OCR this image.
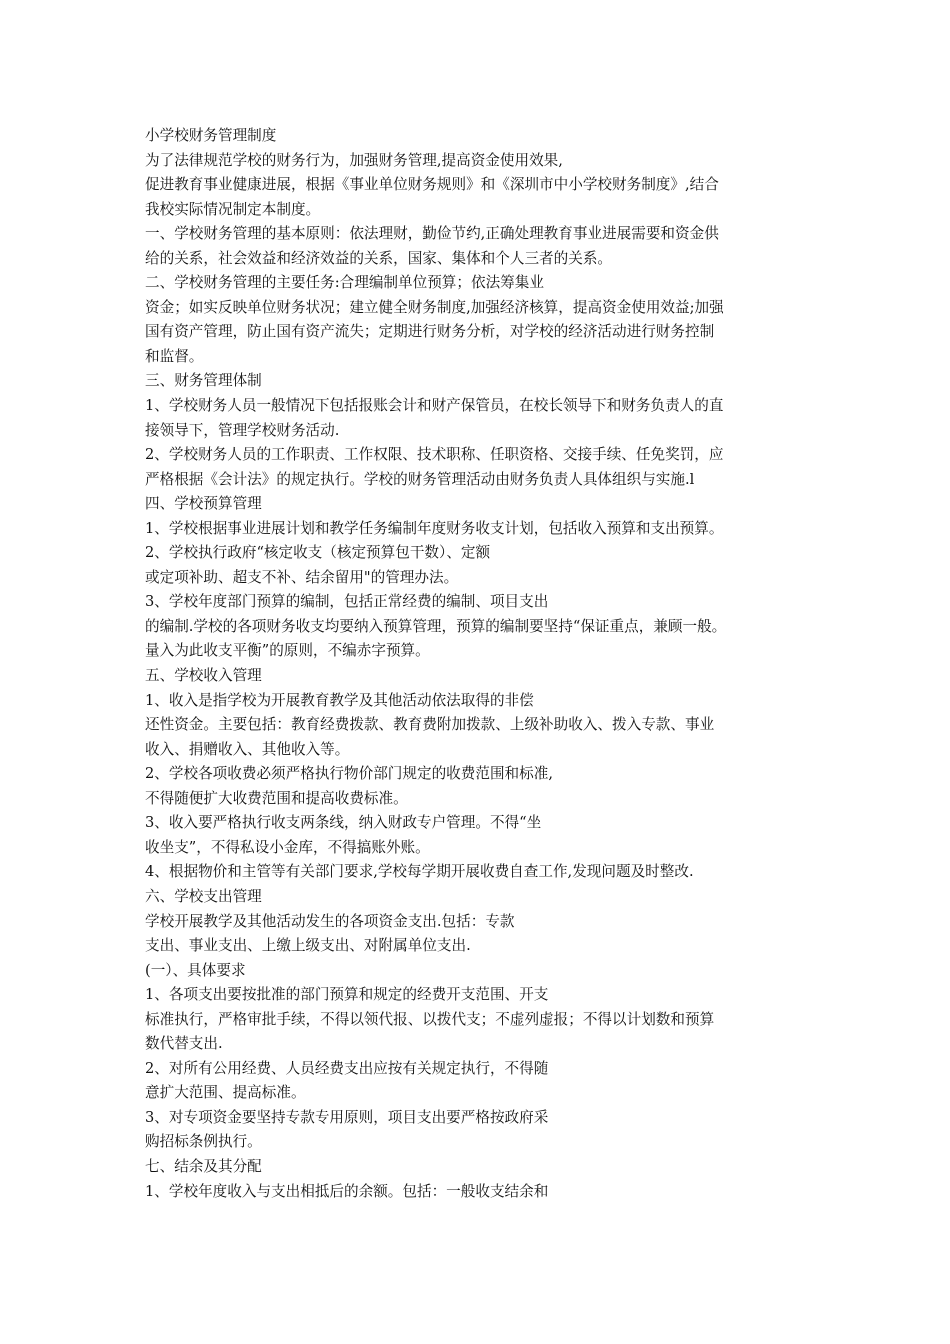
小学校财务管理制度
为了法律规范学校的财务行为，加强财务管理,提高资金使用效果,
促进教育事业健康进展，根据《事业单位财务规则》和《深圳市中小学校财务制度》,结合
我校实际情况制定本制度。
一、学校财务管理的基本原则：依法理财，勤俭节约,正确处理教育事业进展需要和资金供
给的关系，社会效益和经济效益的关系，国家、集体和个人三者的关系。
二、学校财务管理的主要任务:合理编制单位预算；依法筹集业
资金；如实反映单位财务状况；建立健全财务制度,加强经济核算，提高资金使用效益;加强
国有资产管理，防止国有资产流失；定期进行财务分析，对学校的经济活动进行财务控制
和监督。
三、财务管理体制
1、学校财务人员一般情况下包括报账会计和财产保管员，在校长领导下和财务负责人的直
接领导下，管理学校财务活动.
2、学校财务人员的工作职责、工作权限、技术职称、任职资格、交接手续、任免奖罚，应
严格根据《会计法》的规定执行。学校的财务管理活动由财务负责人具体组织与实施.l
四、学校预算管理
1、学校根据事业进展计划和教学任务编制年度财务收支计划，包括收入预算和支出预算。
2、学校执行政府“核定收支（核定预算包干数）、定额
或定项补助、超支不补、结余留用"的管理办法。
3、学校年度部门预算的编制，包括正常经费的编制、项目支出
的编制.学校的各项财务收支均要纳入预算管理，预算的编制要坚持“保证重点，兼顾一般。
量入为此收支平衡”的原则，不编赤字预算。
五、学校收入管理
1、收入是指学校为开展教育教学及其他活动依法取得的非偿
还性资金。主要包括：教育经费拨款、教育费附加拨款、上级补助收入、拨入专款、事业
收入、捐赠收入、其他收入等。
2、学校各项收费必须严格执行物价部门规定的收费范围和标准,
不得随便扩大收费范围和提高收费标准。
3、收入要严格执行收支两条线，纳入财政专户管理。不得“坐
收坐支”，不得私设小金库，不得搞账外账。
4、根据物价和主管等有关部门要求,学校每学期开展收费自查工作,发现问题及时整改.
六、学校支出管理
学校开展教学及其他活动发生的各项资金支出.包括：专款
支出、事业支出、上缴上级支出、对附属单位支出.
(一）、具体要求
1、各项支出要按批准的部门预算和规定的经费开支范围、开支
标准执行，严格审批手续，不得以领代报、以拨代支；不虚列虚报；不得以计划数和预算
数代替支出.
2、对所有公用经费、人员经费支出应按有关规定执行，不得随
意扩大范围、提高标准。
3、对专项资金要坚持专款专用原则，项目支出要严格按政府采
购招标条例执行。
七、结余及其分配
1、学校年度收入与支出相抵后的余额。包括：一般收支结余和
